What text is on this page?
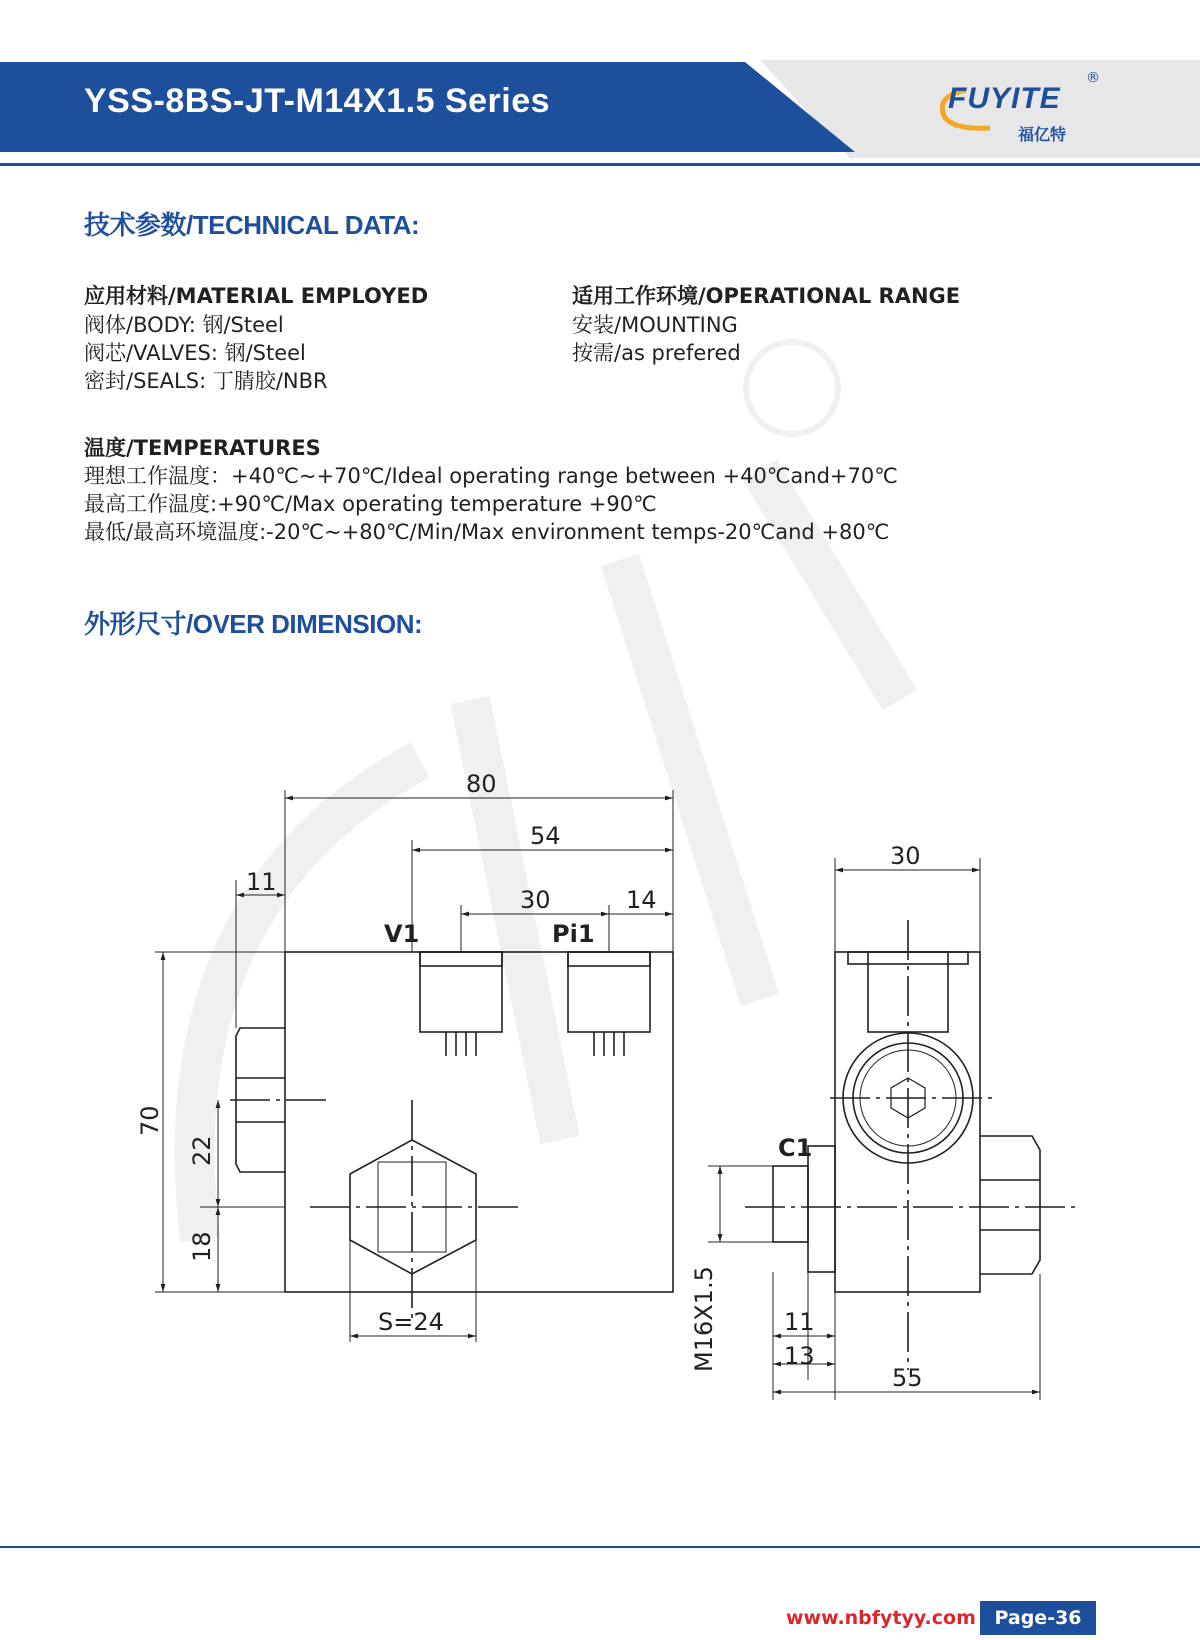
YSS-8BS-JT-M14X1.5 Series	FUYITE
福亿特
®
技术参数/TECHNICAL DATA:
应用材料/MATERIAL EMPLOYED
阀体/BODY: 钢/Steel
阀芯/VALVES: 钢/Steel
密封/SEALS: 丁腈胶/NBR
适用工作环境/OPERATIONAL RANGE
安装/MOUNTING
按需/as prefered
温度/TEMPERATURES
理想工作温度：+40℃~+70℃/Ideal operating range between +40℃and+70℃
最高工作温度:+90℃/Max operating temperature +90℃
最低/最高环境温度:-20℃~+80℃/Min/Max environment temps-20℃and +80℃
外形尺寸/OVER DIMENSION:
80
54
11
30	14
V1	Pi1
70
22
18
S=24
30
C1
M16X1.5	11
13
55
www.nbfytyy.com Page-36
